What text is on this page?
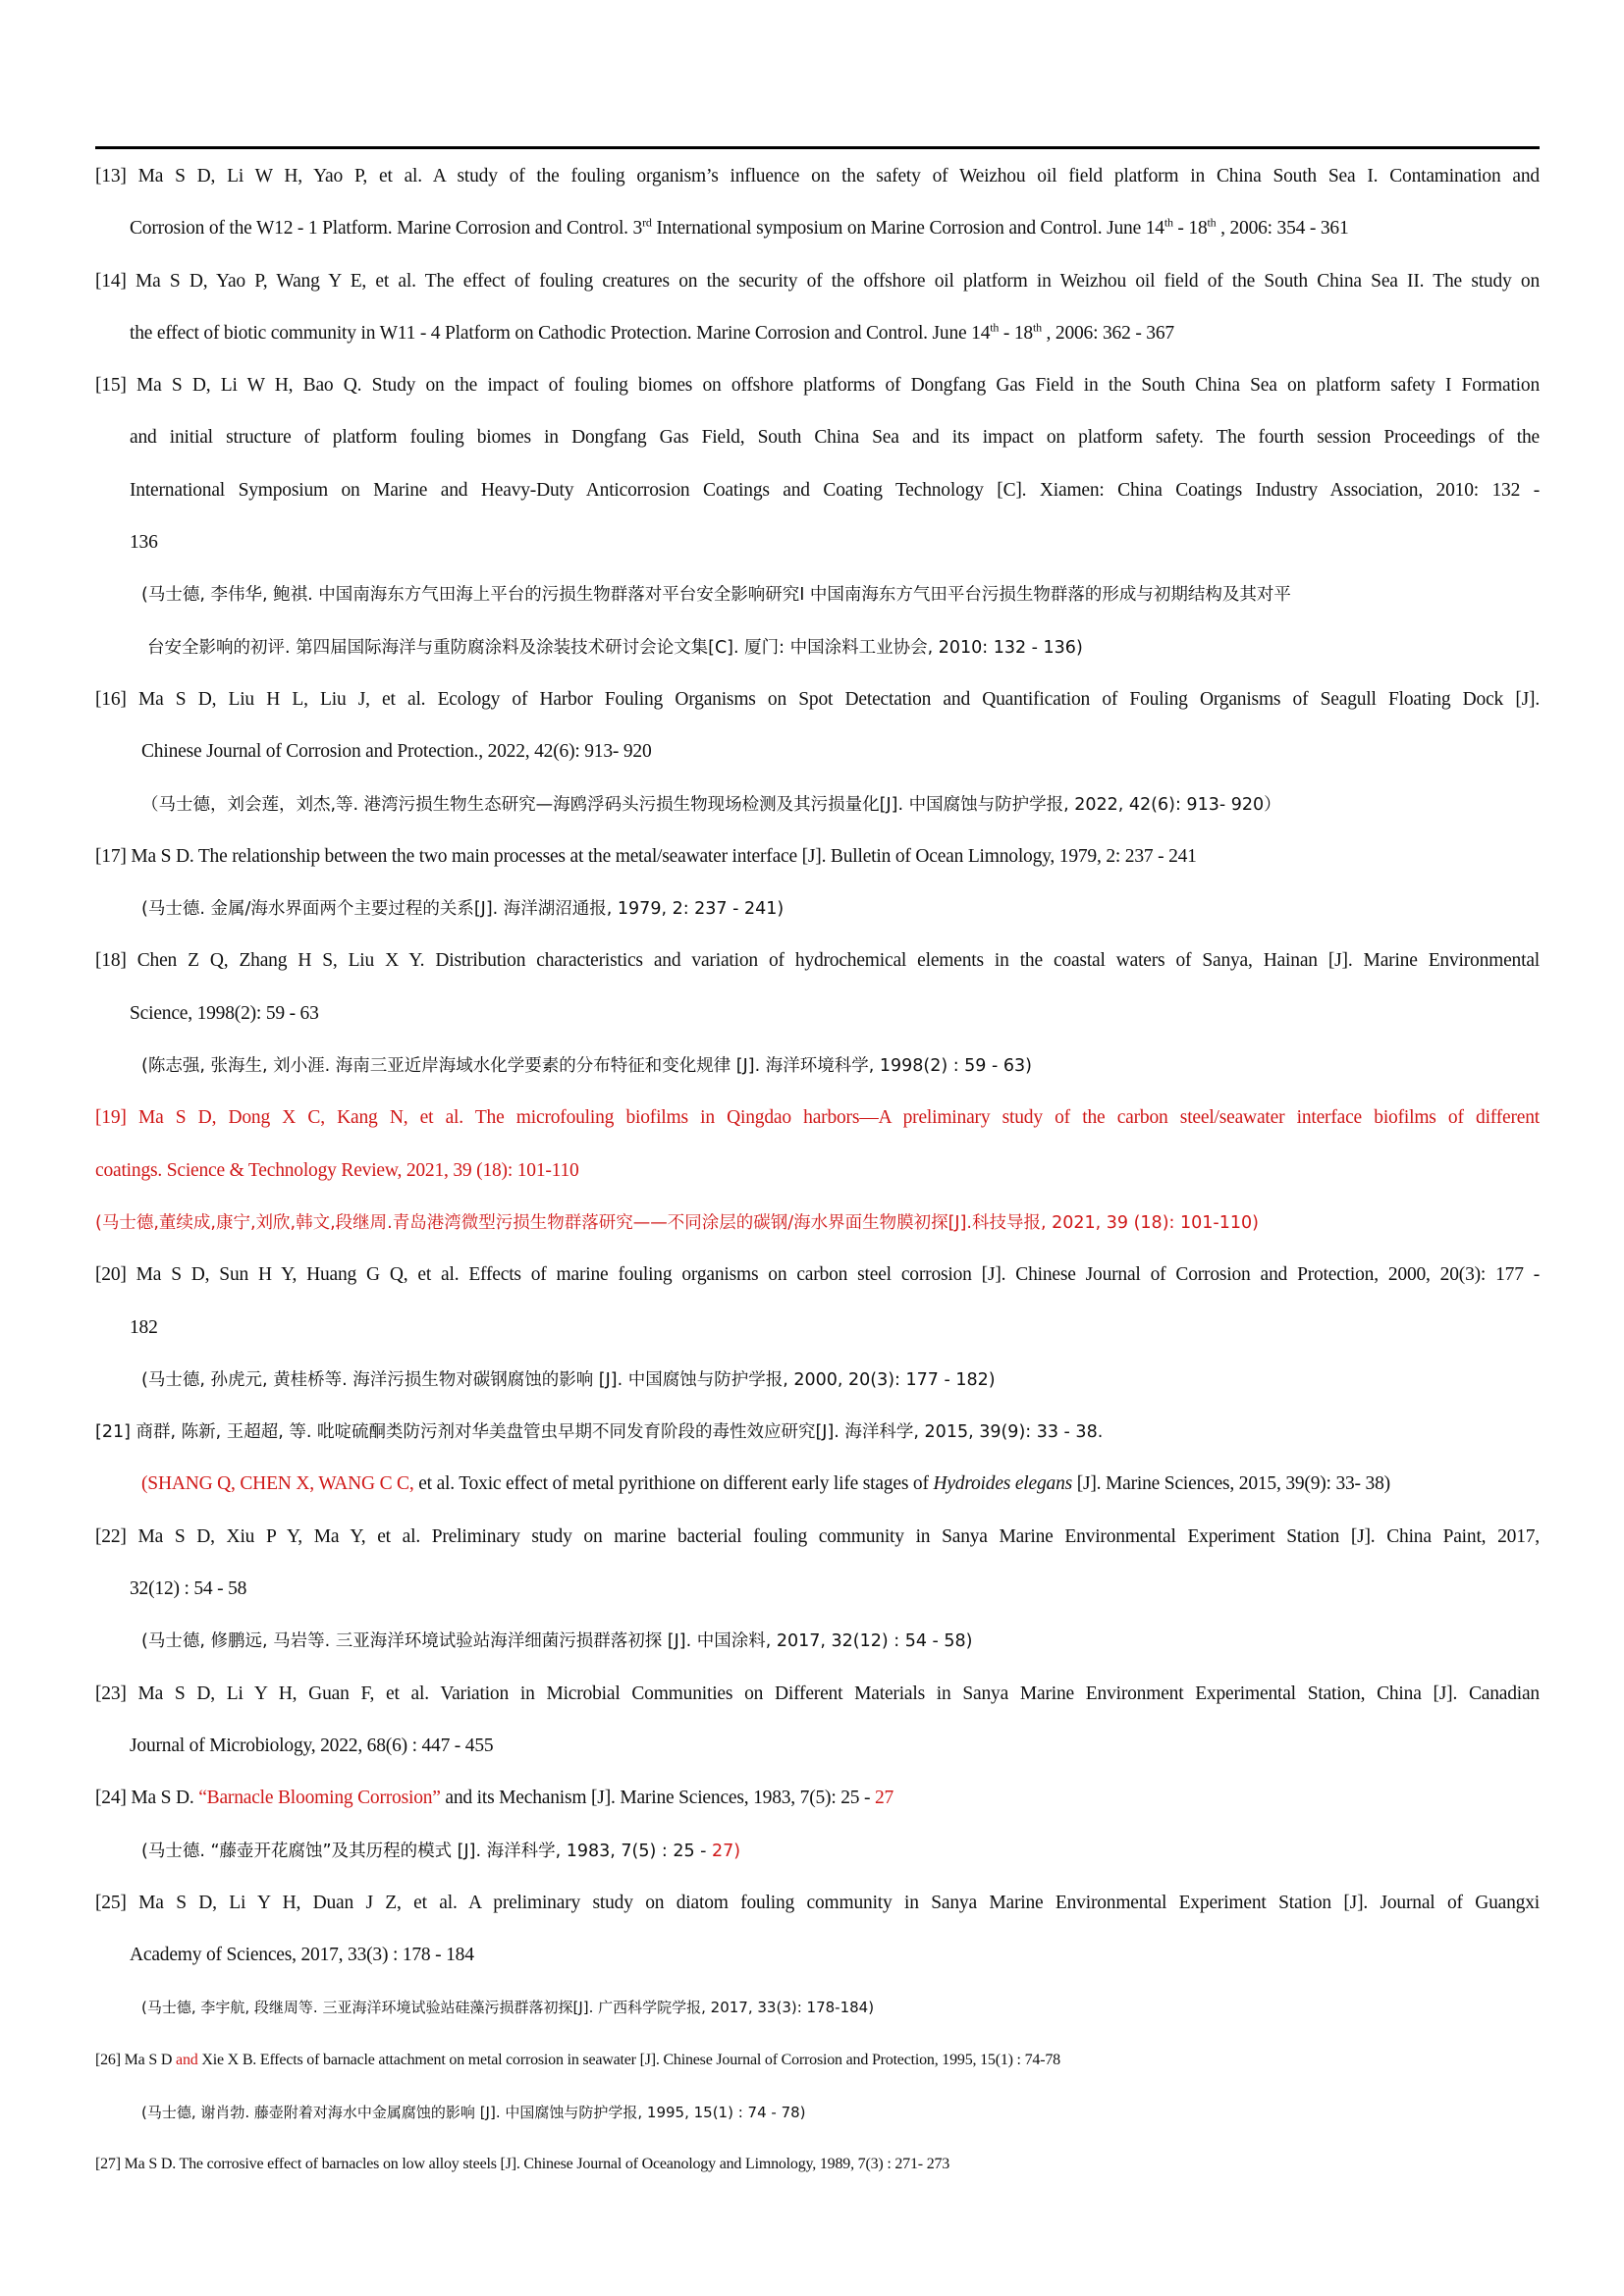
[13] Ma S D, Li W H, Yao P, et al. A study of the fouling organism’s influence on the safety of Weizhou oil field platform in China South Sea I. Contamination and
Corrosion of the W12 - 1 Platform. Marine Corrosion and Control. 3rd International symposium on Marine Corrosion and Control. June 14th - 18th , 2006: 354 - 361
[14] Ma S D, Yao P, Wang Y E, et al. The effect of fouling creatures on the security of the offshore oil platform in Weizhou oil field of the South China Sea II. The study on
the effect of biotic community in W11 - 4 Platform on Cathodic Protection. Marine Corrosion and Control. June 14th - 18th , 2006: 362 - 367
[15] Ma S D, Li W H, Bao Q. Study on the impact of fouling biomes on offshore platforms of Dongfang Gas Field in the South China Sea on platform safety I Formation
and initial structure of platform fouling biomes in Dongfang Gas Field, South China Sea and its impact on platform safety. The fourth session Proceedings of the
International Symposium on Marine and Heavy-Duty Anticorrosion Coatings and Coating Technology [C]. Xiamen: China Coatings Industry Association, 2010: 132 -
136
(马士德, 李伟华, 鲍祺. 中国南海东方气田海上平台的污损生物群落对平台安全影响研究Ⅰ 中国南海东方气田平台污损生物群落的形成与初期结构及其对平
台安全影响的初评. 第四届国际海洋与重防腐涂料及涂装技术研讨会论文集[C]. 厦门: 中国涂料工业协会, 2010: 132 - 136)
[16] Ma S D, Liu H L, Liu J, et al. Ecology of Harbor Fouling Organisms on Spot Detectation and Quantification of Fouling Organisms of Seagull Floating Dock [J].
Chinese Journal of Corrosion and Protection., 2022, 42(6): 913- 920
（马士德，刘会莲，刘杰,等. 港湾污损生物生态研究—海鸥浮码头污损生物现场检测及其污损量化[J]. 中国腐蚀与防护学报, 2022, 42(6): 913- 920）
[17] Ma S D. The relationship between the two main processes at the metal/seawater interface [J]. Bulletin of Ocean Limnology, 1979, 2: 237 - 241
(马士德. 金属/海水界面两个主要过程的关系[J]. 海洋湖沼通报, 1979, 2: 237 - 241)
[18] Chen Z Q, Zhang H S, Liu X Y. Distribution characteristics and variation of hydrochemical elements in the coastal waters of Sanya, Hainan [J]. Marine Environmental
Science, 1998(2): 59 - 63
(陈志强, 张海生, 刘小涯. 海南三亚近岸海域水化学要素的分布特征和变化规律 [J]. 海洋环境科学, 1998(2) : 59 - 63)
[19] Ma S D, Dong X C, Kang N, et al. The microfouling biofilms in Qingdao harbors—A preliminary study of the carbon steel/seawater interface biofilms of different
coatings. Science & Technology Review, 2021, 39 (18): 101-110
(马士德,董续成,康宁,刘欣,韩文,段继周.青岛港湾微型污损生物群落研究——不同涂层的碳钢/海水界面生物膜初探[J].科技导报, 2021, 39 (18): 101-110)
[20] Ma S D, Sun H Y, Huang G Q, et al. Effects of marine fouling organisms on carbon steel corrosion [J]. Chinese Journal of Corrosion and Protection, 2000, 20(3): 177 -
182
(马士德, 孙虎元, 黄桂桥等. 海洋污损生物对碳钢腐蚀的影响 [J]. 中国腐蚀与防护学报, 2000, 20(3): 177 - 182)
[21] 商群, 陈新, 王超超, 等. 吡啶硫酮类防污剂对华美盘管虫早期不同发育阶段的毒性效应研究[J]. 海洋科学, 2015, 39(9): 33 - 38.
(SHANG Q, CHEN X, WANG C C, et al. Toxic effect of metal pyrithione on different early life stages of Hydroides elegans [J]. Marine Sciences, 2015, 39(9): 33- 38)
[22] Ma S D, Xiu P Y, Ma Y, et al. Preliminary study on marine bacterial fouling community in Sanya Marine Environmental Experiment Station [J]. China Paint, 2017,
32(12) : 54 - 58
(马士德, 修鹏远, 马岩等. 三亚海洋环境试验站海洋细菌污损群落初探 [J]. 中国涂料, 2017, 32(12) : 54 - 58)
[23] Ma S D, Li Y H, Guan F, et al. Variation in Microbial Communities on Different Materials in Sanya Marine Environment Experimental Station, China [J]. Canadian
Journal of Microbiology, 2022, 68(6) : 447 - 455
[24] Ma S D. “Barnacle Blooming Corrosion” and its Mechanism [J]. Marine Sciences, 1983, 7(5): 25 - 27
(马士德. “藤壶开花腐蚀”及其历程的模式 [J]. 海洋科学, 1983, 7(5) : 25 - 27)
[25] Ma S D, Li Y H, Duan J Z, et al. A preliminary study on diatom fouling community in Sanya Marine Environmental Experiment Station [J]. Journal of Guangxi
Academy of Sciences, 2017, 33(3) : 178 - 184
(马士德, 李宇航, 段继周等. 三亚海洋环境试验站硅藻污损群落初探[J]. 广西科学院学报, 2017, 33(3): 178-184)
[26] Ma S D and Xie X B. Effects of barnacle attachment on metal corrosion in seawater [J]. Chinese Journal of Corrosion and Protection, 1995, 15(1) : 74-78
(马士德, 谢肖勃. 藤壶附着对海水中金属腐蚀的影响 [J]. 中国腐蚀与防护学报, 1995, 15(1) : 74 - 78)
[27] Ma S D. The corrosive effect of barnacles on low alloy steels [J]. Chinese Journal of Oceanology and Limnology, 1989, 7(3) : 271- 273
